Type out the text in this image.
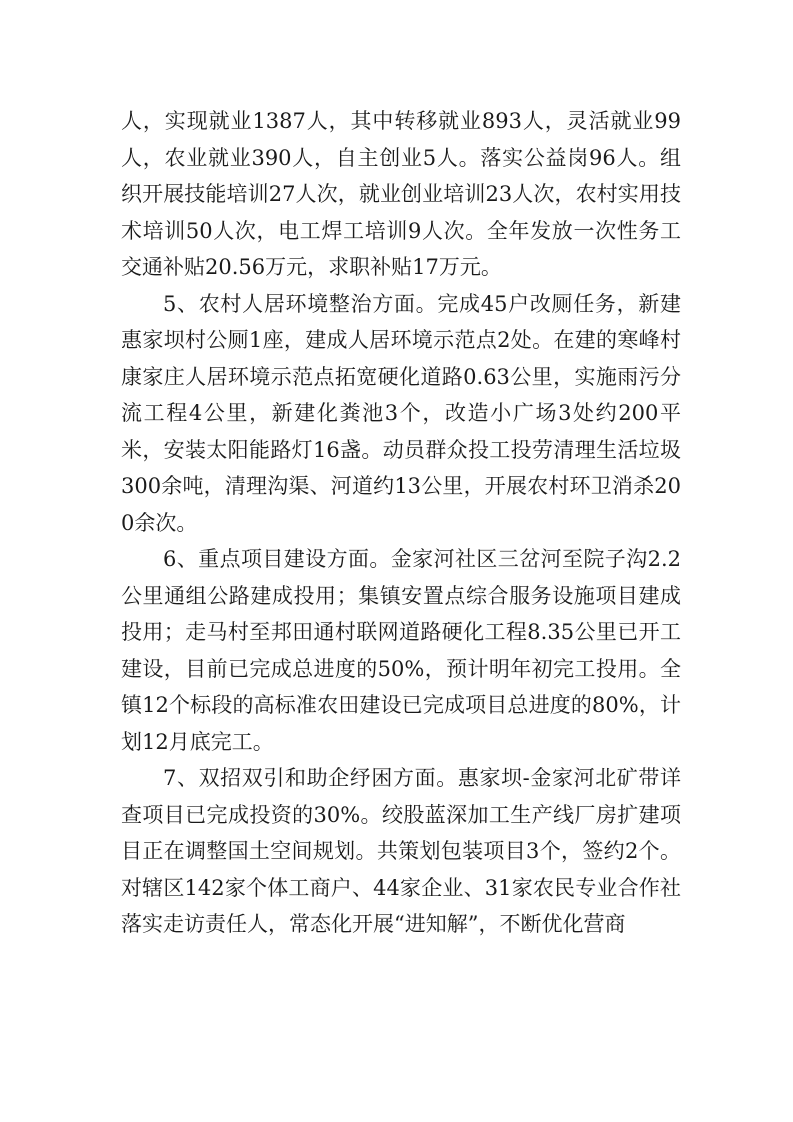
人，实现就业1387人，其中转移就业893人，灵活就业99人，农业就业390人，自主创业5人。落实公益岗96人。组织开展技能培训27人次，就业创业培训23人次，农村实用技术培训50人次，电工焊工培训9人次。全年发放一次性务工交通补贴20.56万元，求职补贴17万元。

5、农村人居环境整治方面。完成45户改厕任务，新建惠家坝村公厕1座，建成人居环境示范点2处。在建的寒峰村康家庄人居环境示范点拓宽硬化道路0.63公里，实施雨污分流工程4公里，新建化粪池3个，改造小广场3处约200平米，安装太阳能路灯16盏。动员群众投工投劳清理生活垃圾300余吨，清理沟渠、河道约13公里，开展农村环卫消杀200余次。

6、重点项目建设方面。金家河社区三岔河至院子沟2.2公里通组公路建成投用；集镇安置点综合服务设施项目建成投用；走马村至邦田通村联网道路硬化工程8.35公里已开工建设，目前已完成总进度的50%，预计明年初完工投用。全镇12个标段的高标准农田建设已完成项目总进度的80%，计划12月底完工。

7、双招双引和助企纾困方面。惠家坝-金家河北矿带详查项目已完成投资的30%。绞股蓝深加工生产线厂房扩建项目正在调整国土空间规划。共策划包装项目3个，签约2个。对辖区142家个体工商户、44家企业、31家农民专业合作社落实走访责任人，常态化开展“进知解”，不断优化营商
